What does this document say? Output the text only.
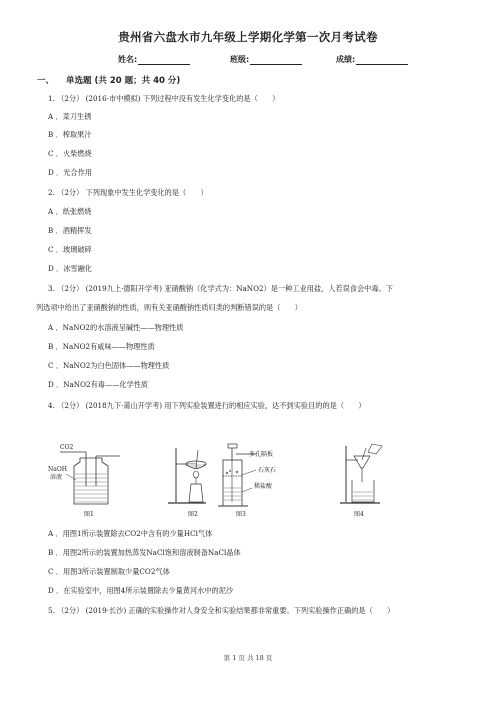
贵州省六盘水市九年级上学期化学第一次月考试卷
姓名:	班级:	成绩:
一、 单选题 (共 20 题；共 40 分)
1. （2分） (2016·市中模拟) 下列过程中没有发生化学变化的是（　　）
A ．菜刀生锈
B ．榨取果汁
C ．火柴燃烧
D ．光合作用
2. （2分） 下列现象中发生化学变化的是（　　）
A ．纸张燃烧
B ．酒精挥发
C ．玻璃破碎
D ．冰雪融化
3. （2分） (2019九上·德阳开学考) 亚硝酸钠（化学式为：NaNO2）是一种工业用盐，人若误食会中毒。下
列选项中给出了亚硝酸钠的性质，则有关亚硝酸钠性质归类的判断错误的是（　　）
A ．NaNO2的水溶液呈碱性——物理性质
B ．NaNO2有咸味——物理性质
C ．NaNO2为白色固体——物理性质
D ．NaNO2有毒——化学性质
4. （2分） (2018九下·莆山开学考) 用下列实验装置进行的相应实验，达不到实验目的的是（　　）
CO2
NaOH
溶液
图1	图2
多孔隔板
石灰石
稀盐酸
图3	图4
A ．用图1所示装置除去CO2中含有的少量HCl气体
B ．用图2所示的装置加热蒸发NaCl饱和溶液制备NaCl晶体
C ．用图3所示装置制取少量CO2气体
D ．在实验室中，用图4所示装置除去少量黄河水中的泥沙
5. （2分） (2019·长沙) 正确的实验操作对人身安全和实验结果都非常重要。下列实验操作正确的是（　　）
第 1 页 共 18 页
